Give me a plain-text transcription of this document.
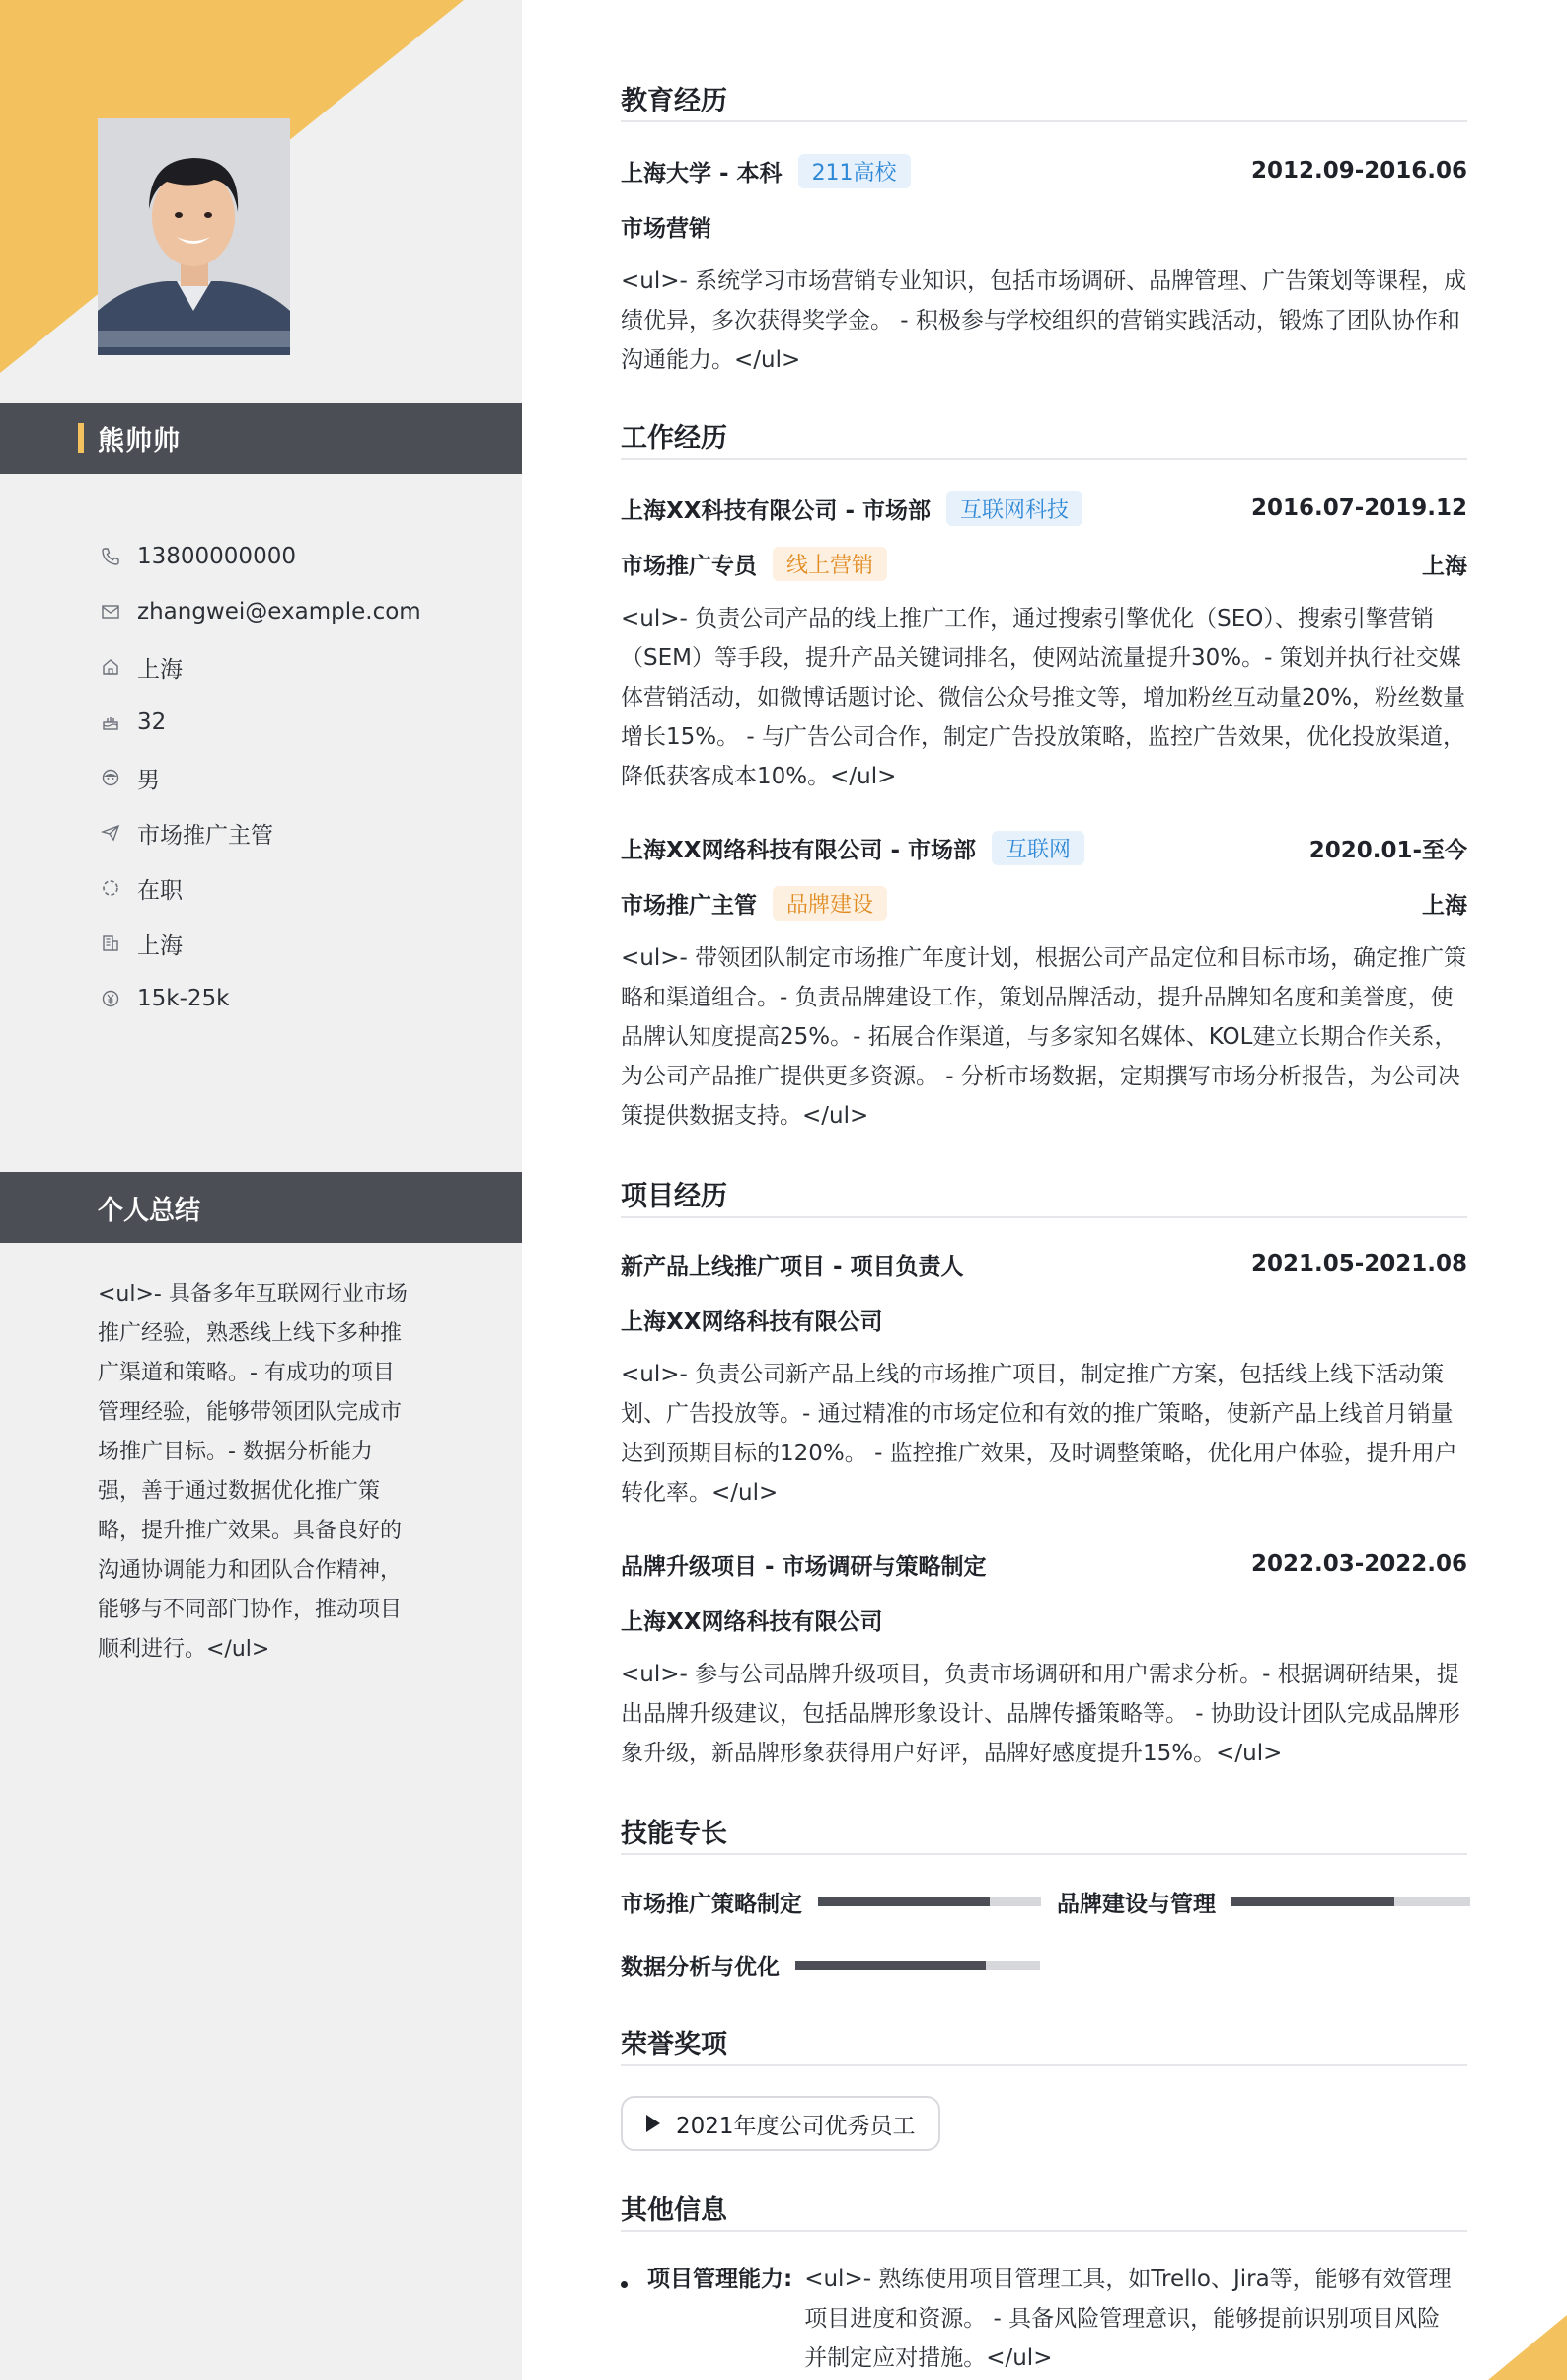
熊帅帅
13800000000
zhangwei@example.com
上海
32
男
市场推广主管
在职
上海
15k-25k
个人总结
<ul>- 具备多年互联网行业市场推广经验，熟悉线上线下多种推广渠道和策略。- 有成功的项目管理经验，能够带领团队完成市场推广目标。- 数据分析能力强，善于通过数据优化推广策略，提升推广效果。具备良好的沟通协调能力和团队合作精神，能够与不同部门协作，推动项目顺利进行。</ul>
教育经历
上海大学 - 本科	211高校	2012.09-2016.06
市场营销
<ul>- 系统学习市场营销专业知识，包括市场调研、品牌管理、广告策划等课程，成绩优异，多次获得奖学金。 - 积极参与学校组织的营销实践活动，锻炼了团队协作和沟通能力。</ul>
工作经历
上海XX科技有限公司 - 市场部	互联网科技	2016.07-2019.12
市场推广专员	线上营销	上海
<ul>- 负责公司产品的线上推广工作，通过搜索引擎优化（SEO）、搜索引擎营销（SEM）等手段，提升产品关键词排名，使网站流量提升30%。- 策划并执行社交媒体营销活动，如微博话题讨论、微信公众号推文等，增加粉丝互动量20%，粉丝数量增长15%。 - 与广告公司合作，制定广告投放策略，监控广告效果，优化投放渠道，降低获客成本10%。</ul>
上海XX网络科技有限公司 - 市场部	互联网	2020.01-至今
市场推广主管	品牌建设	上海
<ul>- 带领团队制定市场推广年度计划，根据公司产品定位和目标市场，确定推广策略和渠道组合。- 负责品牌建设工作，策划品牌活动，提升品牌知名度和美誉度，使品牌认知度提高25%。- 拓展合作渠道，与多家知名媒体、KOL建立长期合作关系，为公司产品推广提供更多资源。 - 分析市场数据，定期撰写市场分析报告，为公司决策提供数据支持。</ul>
项目经历
新产品上线推广项目 - 项目负责人	2021.05-2021.08
上海XX网络科技有限公司
<ul>- 负责公司新产品上线的市场推广项目，制定推广方案，包括线上线下活动策划、广告投放等。- 通过精准的市场定位和有效的推广策略，使新产品上线首月销量达到预期目标的120%。 - 监控推广效果，及时调整策略，优化用户体验，提升用户转化率。</ul>
品牌升级项目 - 市场调研与策略制定	2022.03-2022.06
上海XX网络科技有限公司
<ul>- 参与公司品牌升级项目，负责市场调研和用户需求分析。- 根据调研结果，提出品牌升级建议，包括品牌形象设计、品牌传播策略等。 - 协助设计团队完成品牌形象升级，新品牌形象获得用户好评，品牌好感度提升15%。</ul>
技能专长
市场推广策略制定	品牌建设与管理
数据分析与优化
荣誉奖项
2021年度公司优秀员工
其他信息
项目管理能力: <ul>- 熟练使用项目管理工具，如Trello、Jira等，能够有效管理项目进度和资源。 - 具备风险管理意识，能够提前识别项目风险并制定应对措施。</ul>
